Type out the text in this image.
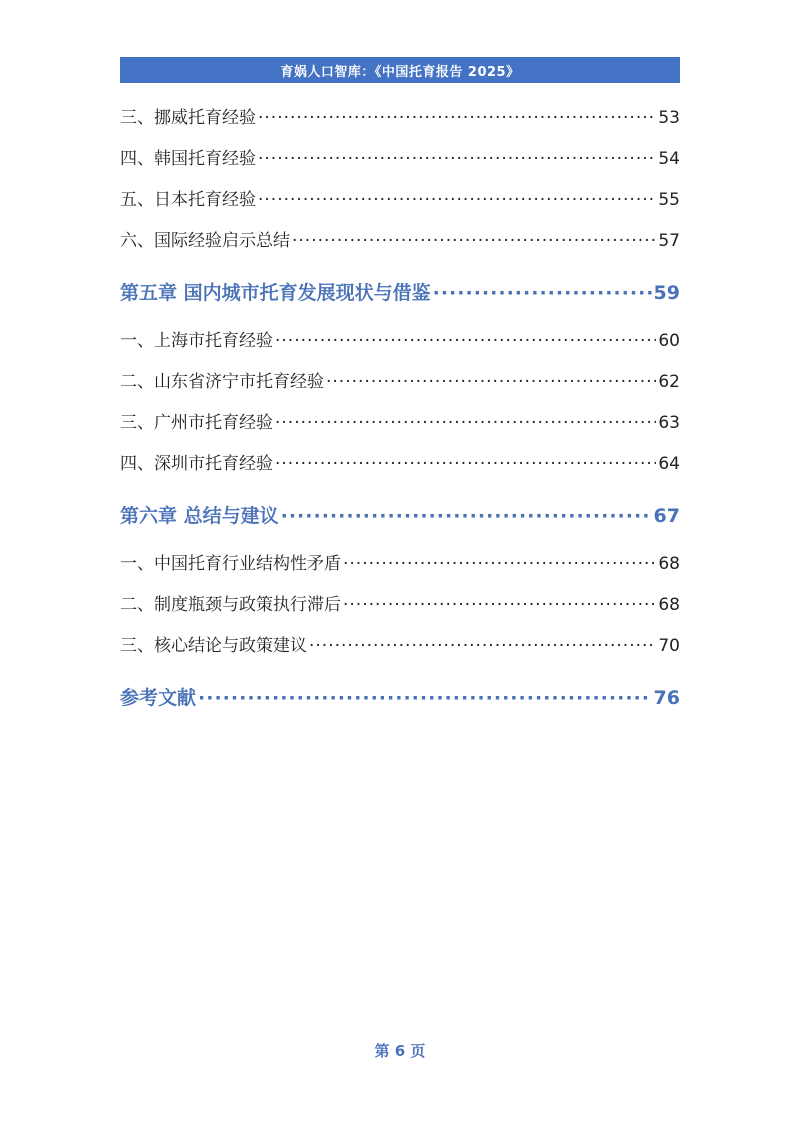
育娲人口智库：《中国托育报告 2025》
三、挪威托育经验 ·····	53
四、韩国托育经验 ·····	54
五、日本托育经验 ·····	55
六、国际经验启示总结 ·····	57
第五章 国内城市托育发展现状与借鉴 ·····	59
一、上海市托育经验 ·····	60
二、山东省济宁市托育经验 ·····	62
三、广州市托育经验 ·····	63
四、深圳市托育经验 ·····	64
第六章 总结与建议 ·····	67
一、中国托育行业结构性矛盾 ·····	68
二、制度瓶颈与政策执行滞后 ·····	68
三、核心结论与政策建议 ·····	70
参考文献 ·····	76
第 6 页
